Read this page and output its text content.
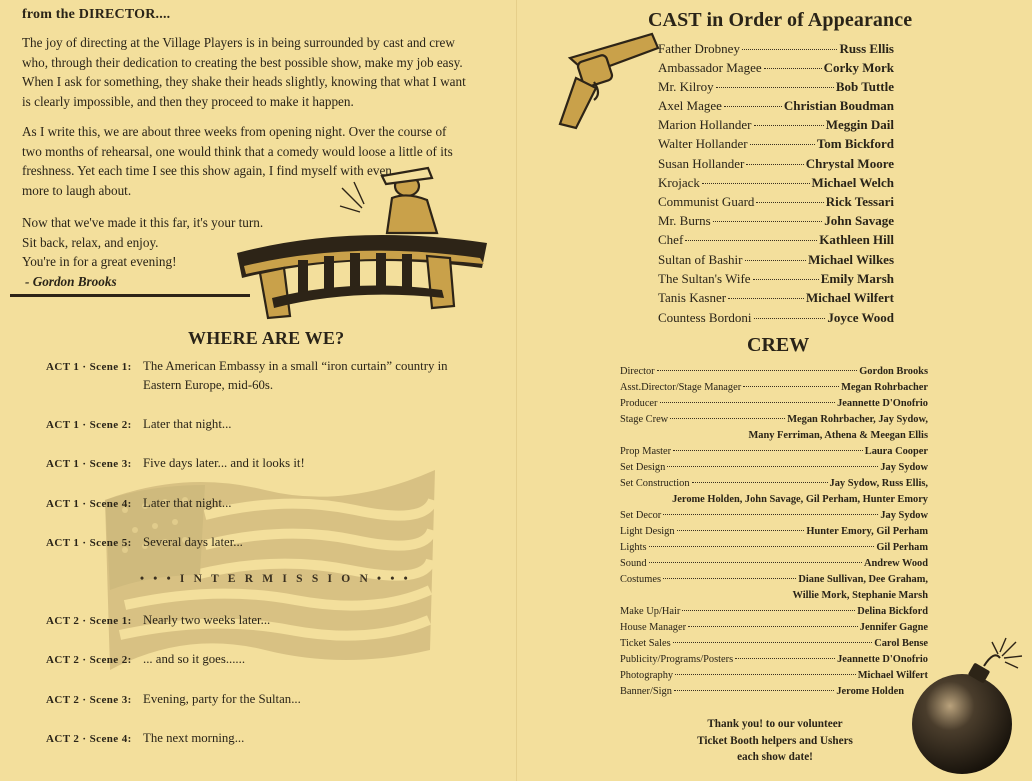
from the DIRECTOR....
The joy of directing at the Village Players is in being surrounded by cast and crew
who, through their dedication to creating the best possible show, make my job easy.
When I ask for something, they shake their heads slightly, knowing that what I want
is clearly impossible, and then they proceed to make it happen.
As I write this, we are about three weeks from opening night. Over the course of
two months of rehearsal, one would think that a comedy would loose a little of its
freshness. Yet each time I see this show again, I find myself with even
more to laugh about.
Now that we've made it this far, it's your turn.
Sit back, relax, and enjoy.
You're in for a great evening!
- Gordon Brooks
WHERE ARE WE?
ACT 1 · Scene 1: The American Embassy in a small “iron curtain” country in
Eastern Europe, mid-60s.
ACT 1 · Scene 2: Later that night...
ACT 1 · Scene 3: Five days later... and it looks it!
ACT 1 · Scene 4: Later that night...
ACT 1 · Scene 5: Several days later...
• • • I N T E R M I S S I O N • • •
ACT 2 · Scene 1: Nearly two weeks later...
ACT 2 · Scene 2: ... and so it goes......
ACT 2 · Scene 3: Evening, party for the Sultan...
ACT 2 · Scene 4: The next morning...
CAST in Order of Appearance
Father Drobney	Russ Ellis
Ambassador Magee	Corky Mork
Mr. Kilroy	Bob Tuttle
Axel Magee	Christian Boudman
Marion Hollander	Meggin Dail
Walter Hollander	Tom Bickford
Susan Hollander	Chrystal Moore
Krojack	Michael Welch
Communist Guard	Rick Tessari
Mr. Burns	John Savage
Chef	Kathleen Hill
Sultan of Bashir	Michael Wilkes
The Sultan's Wife	Emily Marsh
Tanis Kasner	Michael Wilfert
Countess Bordoni	Joyce Wood
CREW
Director	Gordon Brooks
Asst.Director/Stage Manager	Megan Rohrbacher
Producer	Jeannette D'Onofrio
Stage Crew	Megan Rohrbacher, Jay Sydow,
Many Ferriman, Athena & Meegan Ellis
Prop Master	Laura Cooper
Set Design	Jay Sydow
Set Construction	Jay Sydow, Russ Ellis,
Jerome Holden, John Savage, Gil Perham, Hunter Emory
Set Decor	Jay Sydow
Light Design	Hunter Emory, Gil Perham
Lights	Gil Perham
Sound	Andrew Wood
Costumes	Diane Sullivan, Dee Graham,
Willie Mork, Stephanie Marsh
Make Up/Hair	Delina Bickford
House Manager	Jennifer Gagne
Ticket Sales	Carol Bense
Publicity/Programs/Posters	Jeannette D'Onofrio
Photography	Michael Wilfert
Banner/Sign	Jerome Holden
Thank you! to our volunteer
Ticket Booth helpers and Ushers
each show date!
